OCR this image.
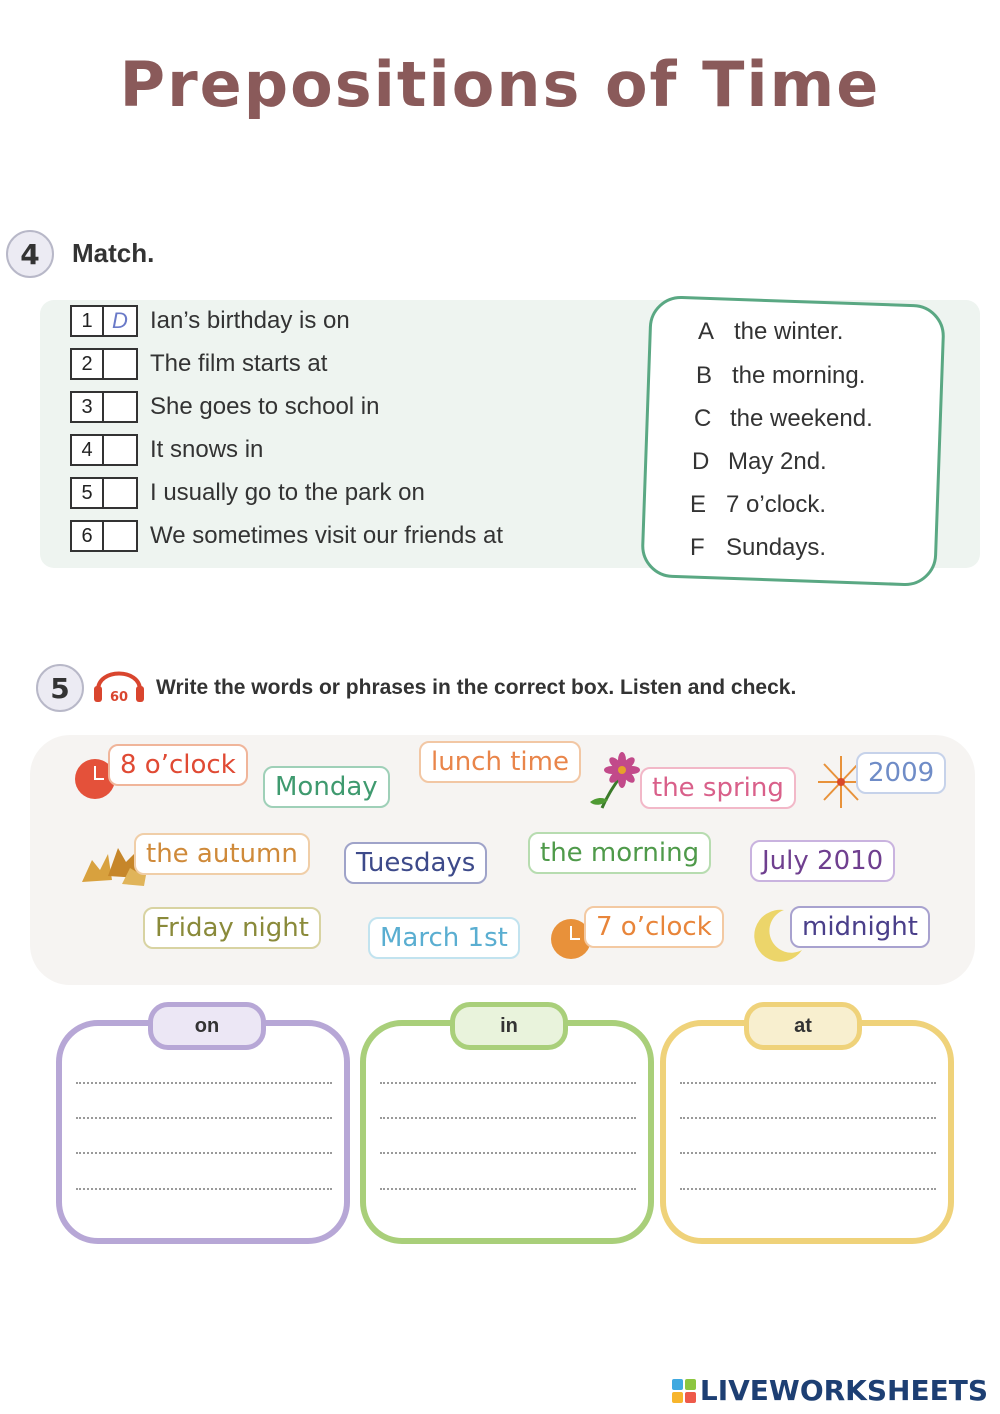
Prepositions of Time
4	Match.
1 D Ian’s birthday is on
2	The film starts at
3	She goes to school in
4	It snows in
5	I usually go to the park on
6	We sometimes visit our friends at
A the winter.
B the morning.
C the weekend.
D May 2nd.
E 7 o’clock.
F Sundays.
5	60 Write the words or phrases in the correct box. Listen and check.
8 o’clock
Monday
lunch time
the spring	2009
the autumn	Tuesdays	the morning	July 2010
Friday night	March 1st	7 o’clock	midnight
on	in	at
LIVEWORKSHEETS
